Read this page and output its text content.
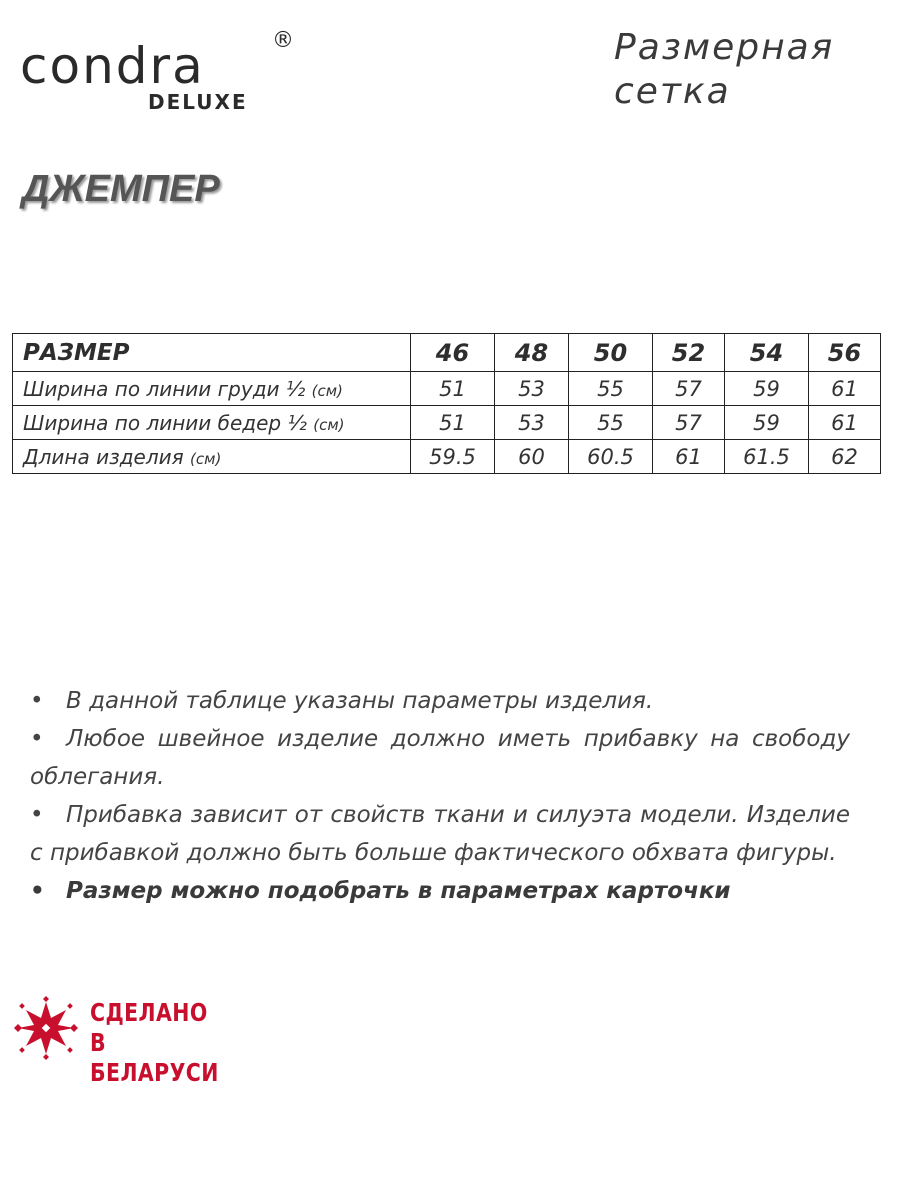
condra	®
DELUXE
Размерная
сетка
ДЖЕМПЕР
РАЗМЕР	46	48	50	52	54	56
Ширина по линии груди ½ (см)	51	53	55	57	59	61
Ширина по линии бедер ½ (см)	51	53	55	57	59	61
Длина изделия (см)	59.5	60	60.5	61	61.5	62
• В данной таблице указаны параметры изделия.
• Любое швейное изделие должно иметь прибавку на свободу облегания.
• Прибавка зависит от свойств ткани и силуэта модели. Изделие с прибавкой должно быть больше фактического обхвата фигуры.
• Размер можно подобрать в параметрах карточки
СДЕЛАНО
В БЕЛАРУСИ
